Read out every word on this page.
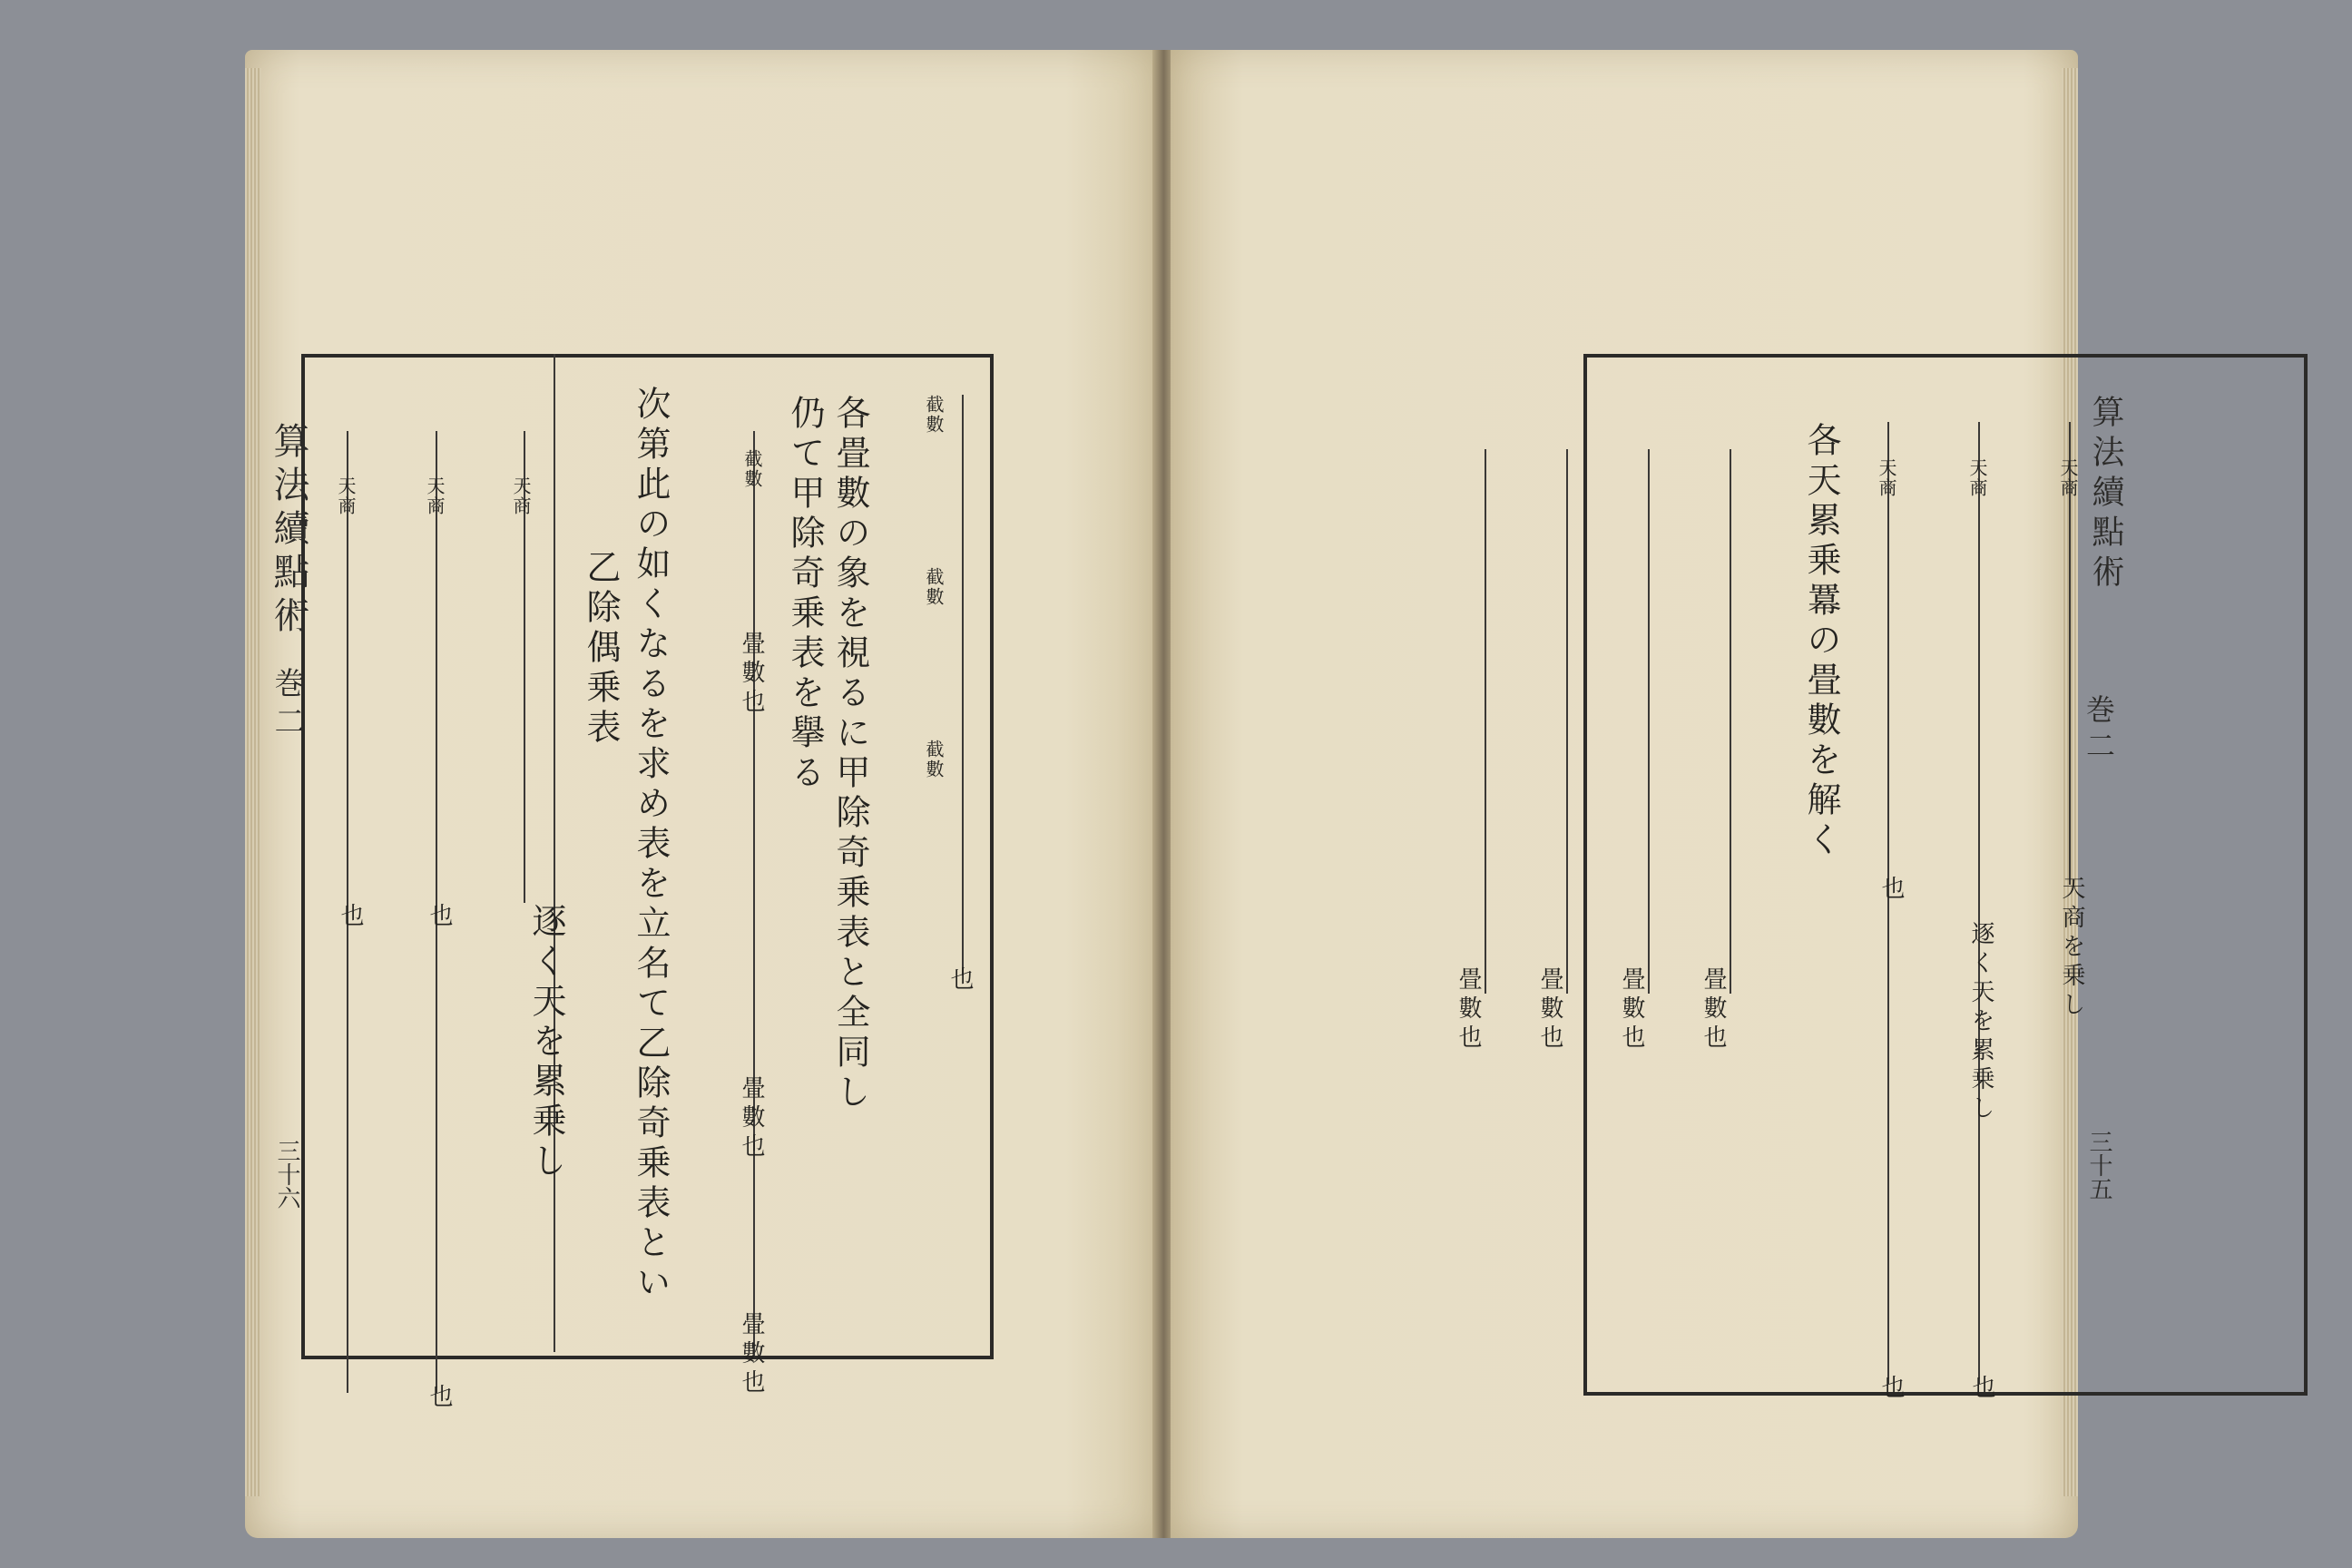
算法續點術
巻二
三十六
各畳數の象を視るに甲除奇乗表と全同し
仍て甲除奇乗表を擧る
次第此の如くなるを求め表を立名て乙除奇乗表とい	截數
截數
截數
也
截數
畳數也
畳數也
畳數也
乙除偶乗表
逐く天を累乗し
天商
天商
天商
也
也
也
算法續點術
巻二
三十五
天商
天商
天商
天商を乗し
逐く天を累乗し
也
也
也
各天累乗羃の畳數を解く
畳數也
畳數也
畳數也
畳數也
